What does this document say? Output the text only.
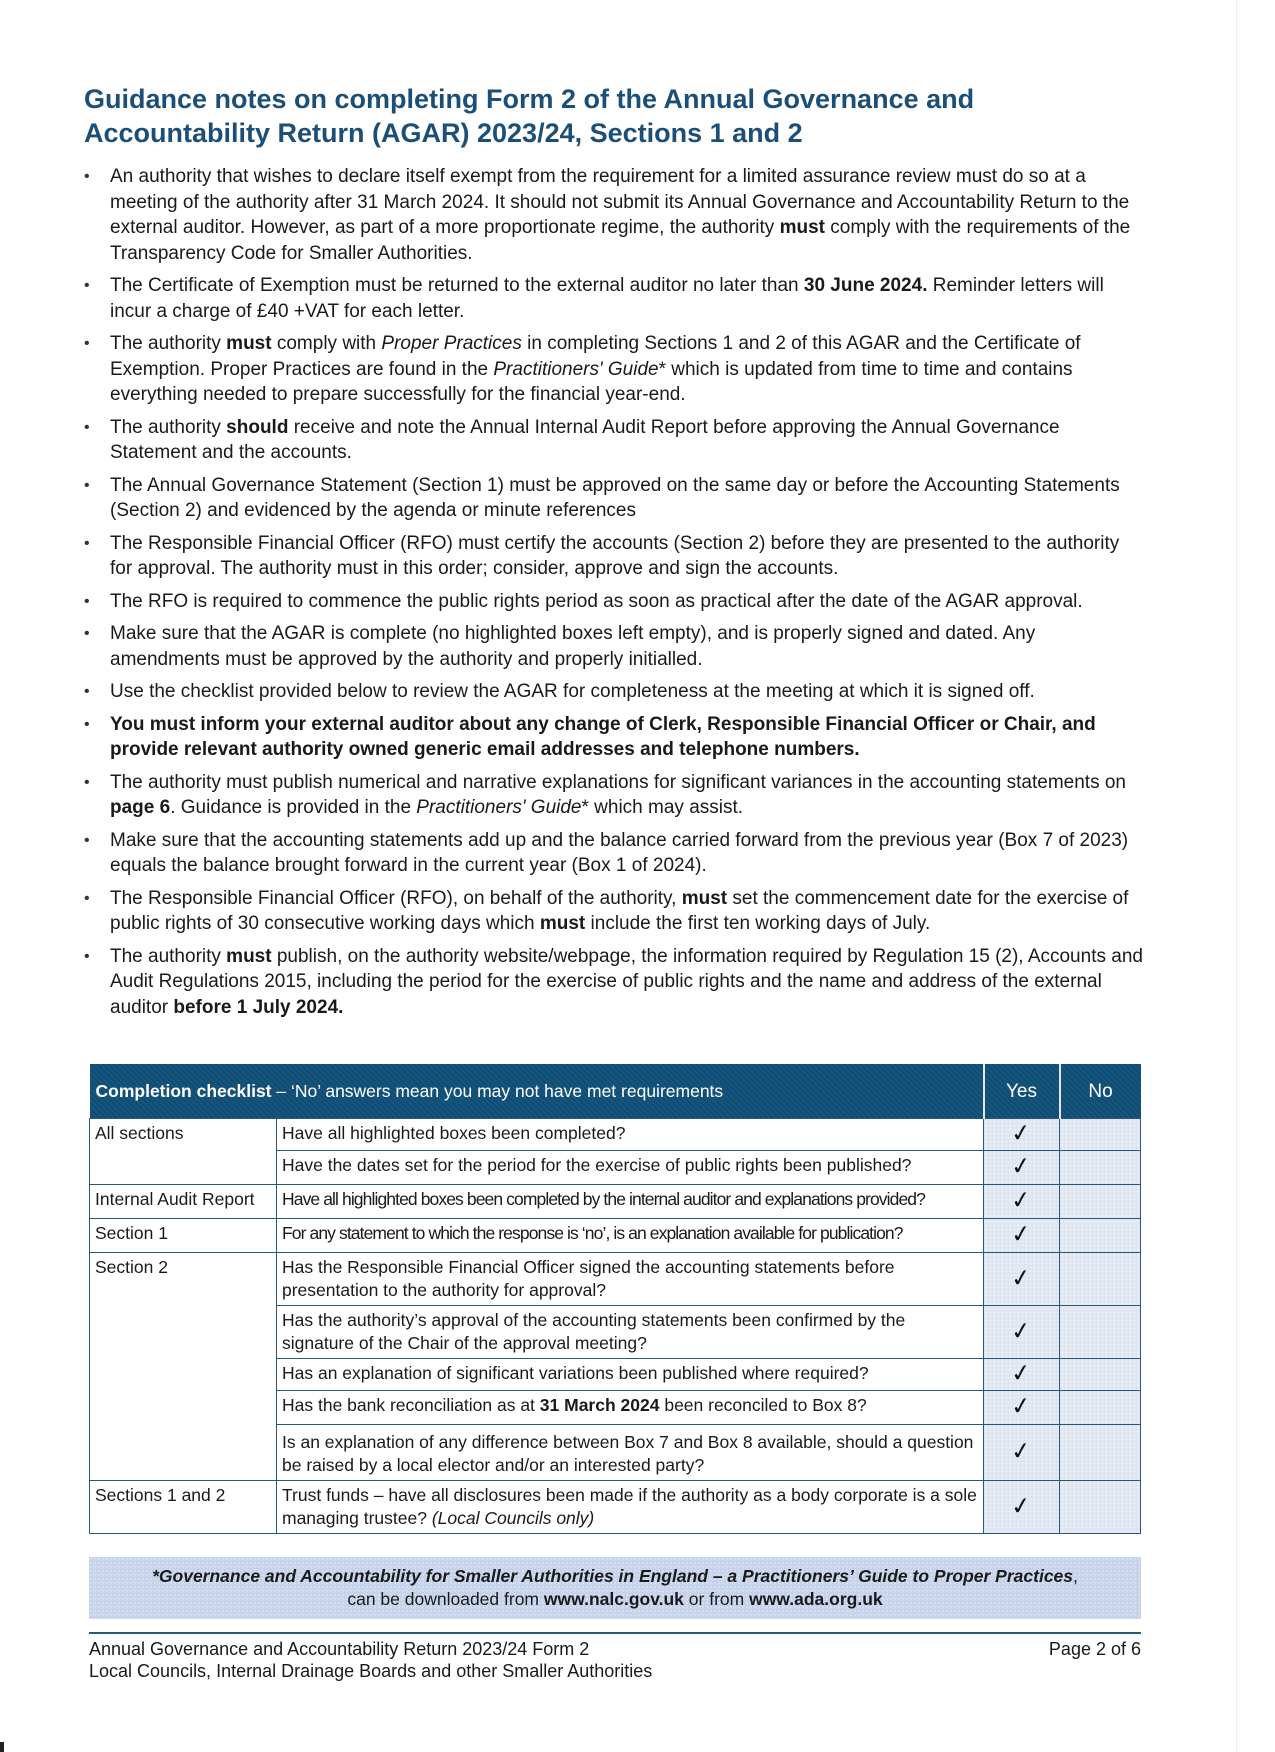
Guidance notes on completing Form 2 of the Annual Governance and
Accountability Return (AGAR) 2023/24, Sections 1 and 2
• An authority that wishes to declare itself exempt from the requirement for a limited assurance review must do so at a meeting of the authority after 31 March 2024. It should not submit its Annual Governance and Accountability Return to the external auditor. However, as part of a more proportionate regime, the authority must comply with the requirements of the Transparency Code for Smaller Authorities.
• The Certificate of Exemption must be returned to the external auditor no later than 30 June 2024. Reminder letters will incur a charge of £40 +VAT for each letter.
• The authority must comply with Proper Practices in completing Sections 1 and 2 of this AGAR and the Certificate of Exemption. Proper Practices are found in the Practitioners' Guide* which is updated from time to time and contains everything needed to prepare successfully for the financial year-end.
• The authority should receive and note the Annual Internal Audit Report before approving the Annual Governance Statement and the accounts.
• The Annual Governance Statement (Section 1) must be approved on the same day or before the Accounting Statements (Section 2) and evidenced by the agenda or minute references
• The Responsible Financial Officer (RFO) must certify the accounts (Section 2) before they are presented to the authority for approval. The authority must in this order; consider, approve and sign the accounts.
• The RFO is required to commence the public rights period as soon as practical after the date of the AGAR approval.
• Make sure that the AGAR is complete (no highlighted boxes left empty), and is properly signed and dated. Any amendments must be approved by the authority and properly initialled.
• Use the checklist provided below to review the AGAR for completeness at the meeting at which it is signed off.
• You must inform your external auditor about any change of Clerk, Responsible Financial Officer or Chair, and provide relevant authority owned generic email addresses and telephone numbers.
• The authority must publish numerical and narrative explanations for significant variances in the accounting statements on page 6. Guidance is provided in the Practitioners' Guide* which may assist.
• Make sure that the accounting statements add up and the balance carried forward from the previous year (Box 7 of 2023) equals the balance brought forward in the current year (Box 1 of 2024).
• The Responsible Financial Officer (RFO), on behalf of the authority, must set the commencement date for the exercise of public rights of 30 consecutive working days which must include the first ten working days of July.
• The authority must publish, on the authority website/webpage, the information required by Regulation 15 (2), Accounts and Audit Regulations 2015, including the period for the exercise of public rights and the name and address of the external auditor before 1 July 2024.
Completion checklist – ‘No’ answers mean you may not have met requirements		Yes	No
All sections	Have all highlighted boxes been completed?	✓	
	Have the dates set for the period for the exercise of public rights been published?	✓	
Internal Audit Report	Have all highlighted boxes been completed by the internal auditor and explanations provided?	✓	
Section 1	For any statement to which the response is ‘no’, is an explanation available for publication?	✓	
Section 2	Has the Responsible Financial Officer signed the accounting statements before presentation to the authority for approval?	✓	
	Has the authority’s approval of the accounting statements been confirmed by the signature of the Chair of the approval meeting?	✓	
	Has an explanation of significant variations been published where required?	✓	
	Has the bank reconciliation as at 31 March 2024 been reconciled to Box 8?	✓	
	Is an explanation of any difference between Box 7 and Box 8 available, should a question be raised by a local elector and/or an interested party?	✓	
Sections 1 and 2	Trust funds – have all disclosures been made if the authority as a body corporate is a sole managing trustee? (Local Councils only)	✓	
*Governance and Accountability for Smaller Authorities in England – a Practitioners’ Guide to Proper Practices,
can be downloaded from www.nalc.gov.uk or from www.ada.org.uk
Annual Governance and Accountability Return 2023/24 Form 2
Local Councils, Internal Drainage Boards and other Smaller Authorities
Page 2 of 6
